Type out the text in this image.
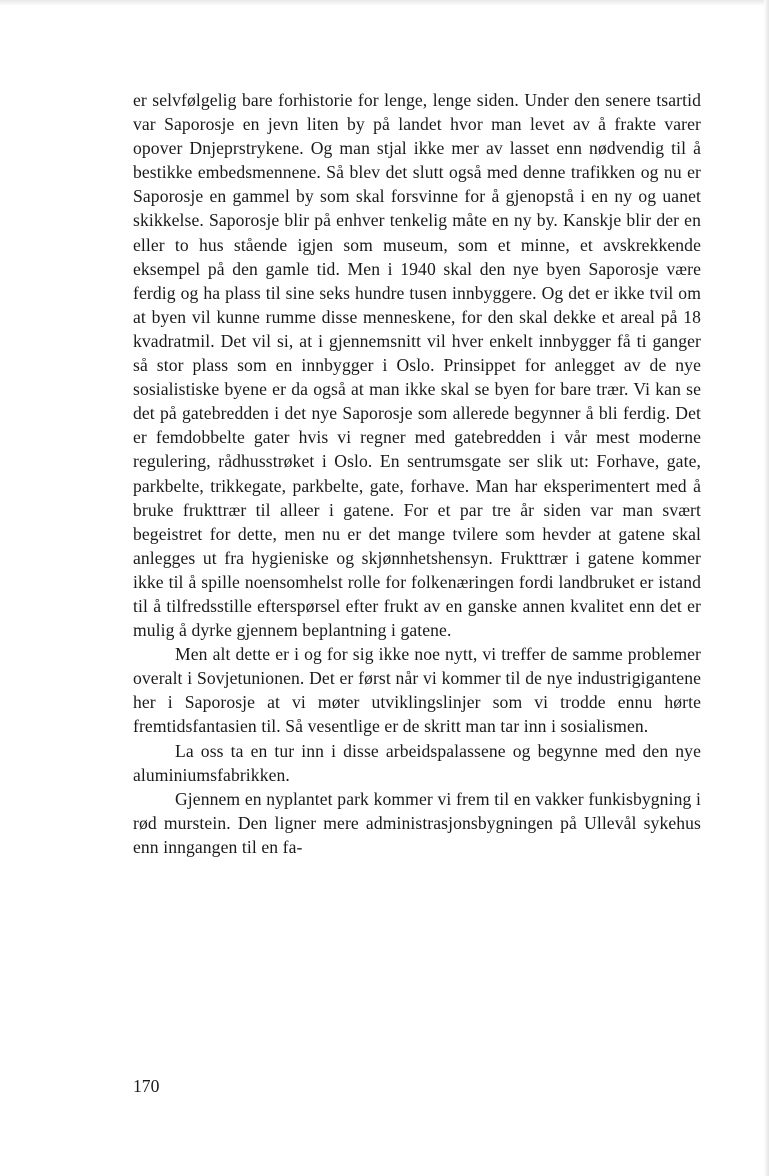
er selvfølgelig bare forhistorie for lenge, lenge siden. Under den senere tsartid var Saporosje en jevn liten by på landet hvor man levet av å frakte varer opover Dnjeprstrykene. Og man stjal ikke mer av lasset enn nødvendig til å bestikke embedsmennene. Så blev det slutt også med denne trafikken og nu er Saporosje en gammel by som skal forsvinne for å gjenopstå i en ny og uanet skikkelse. Saporosje blir på enhver tenkelig måte en ny by. Kanskje blir der en eller to hus stående igjen som museum, som et minne, et avskrekkende eksempel på den gamle tid. Men i 1940 skal den nye byen Saporosje være ferdig og ha plass til sine seks hundre tusen innbyggere. Og det er ikke tvil om at byen vil kunne rumme disse menneskene, for den skal dekke et areal på 18 kvadratmil. Det vil si, at i gjennemsnitt vil hver enkelt innbygger få ti ganger så stor plass som en innbygger i Oslo. Prinsippet for anlegget av de nye sosialistiske byene er da også at man ikke skal se byen for bare trær. Vi kan se det på gatebredden i det nye Saporosje som allerede begynner å bli ferdig. Det er femdobbelte gater hvis vi regner med gatebredden i vår mest moderne regulering, rådhusstrøket i Oslo. En sentrumsgate ser slik ut: Forhave, gate, parkbelte, trikkegate, parkbelte, gate, forhave. Man har eksperimentert med å bruke frukttrær til alleer i gatene. For et par tre år siden var man svært begeistret for dette, men nu er det mange tvilere som hevder at gatene skal anlegges ut fra hygieniske og skjønnhetshensyn. Frukttrær i gatene kommer ikke til å spille noensomhelst rolle for folkenæringen fordi landbruket er istand til å tilfredsstille efterspørsel efter frukt av en ganske annen kvalitet enn det er mulig å dyrke gjennem beplantning i gatene.

Men alt dette er i og for sig ikke noe nytt, vi treffer de samme problemer overalt i Sovjetunionen. Det er først når vi kommer til de nye industrigigantene her i Saporosje at vi møter utviklingslinjer som vi trodde ennu hørte fremtidsfantasien til. Så vesentlige er de skritt man tar inn i sosialismen.

La oss ta en tur inn i disse arbeidspalassene og begynne med den nye aluminiumsfabrikken.

Gjennem en nyplantet park kommer vi frem til en vakker funkisbygning i rød murstein. Den ligner mere administrasjonsbygningen på Ullevål sykehus enn inngangen til en fa-

170
